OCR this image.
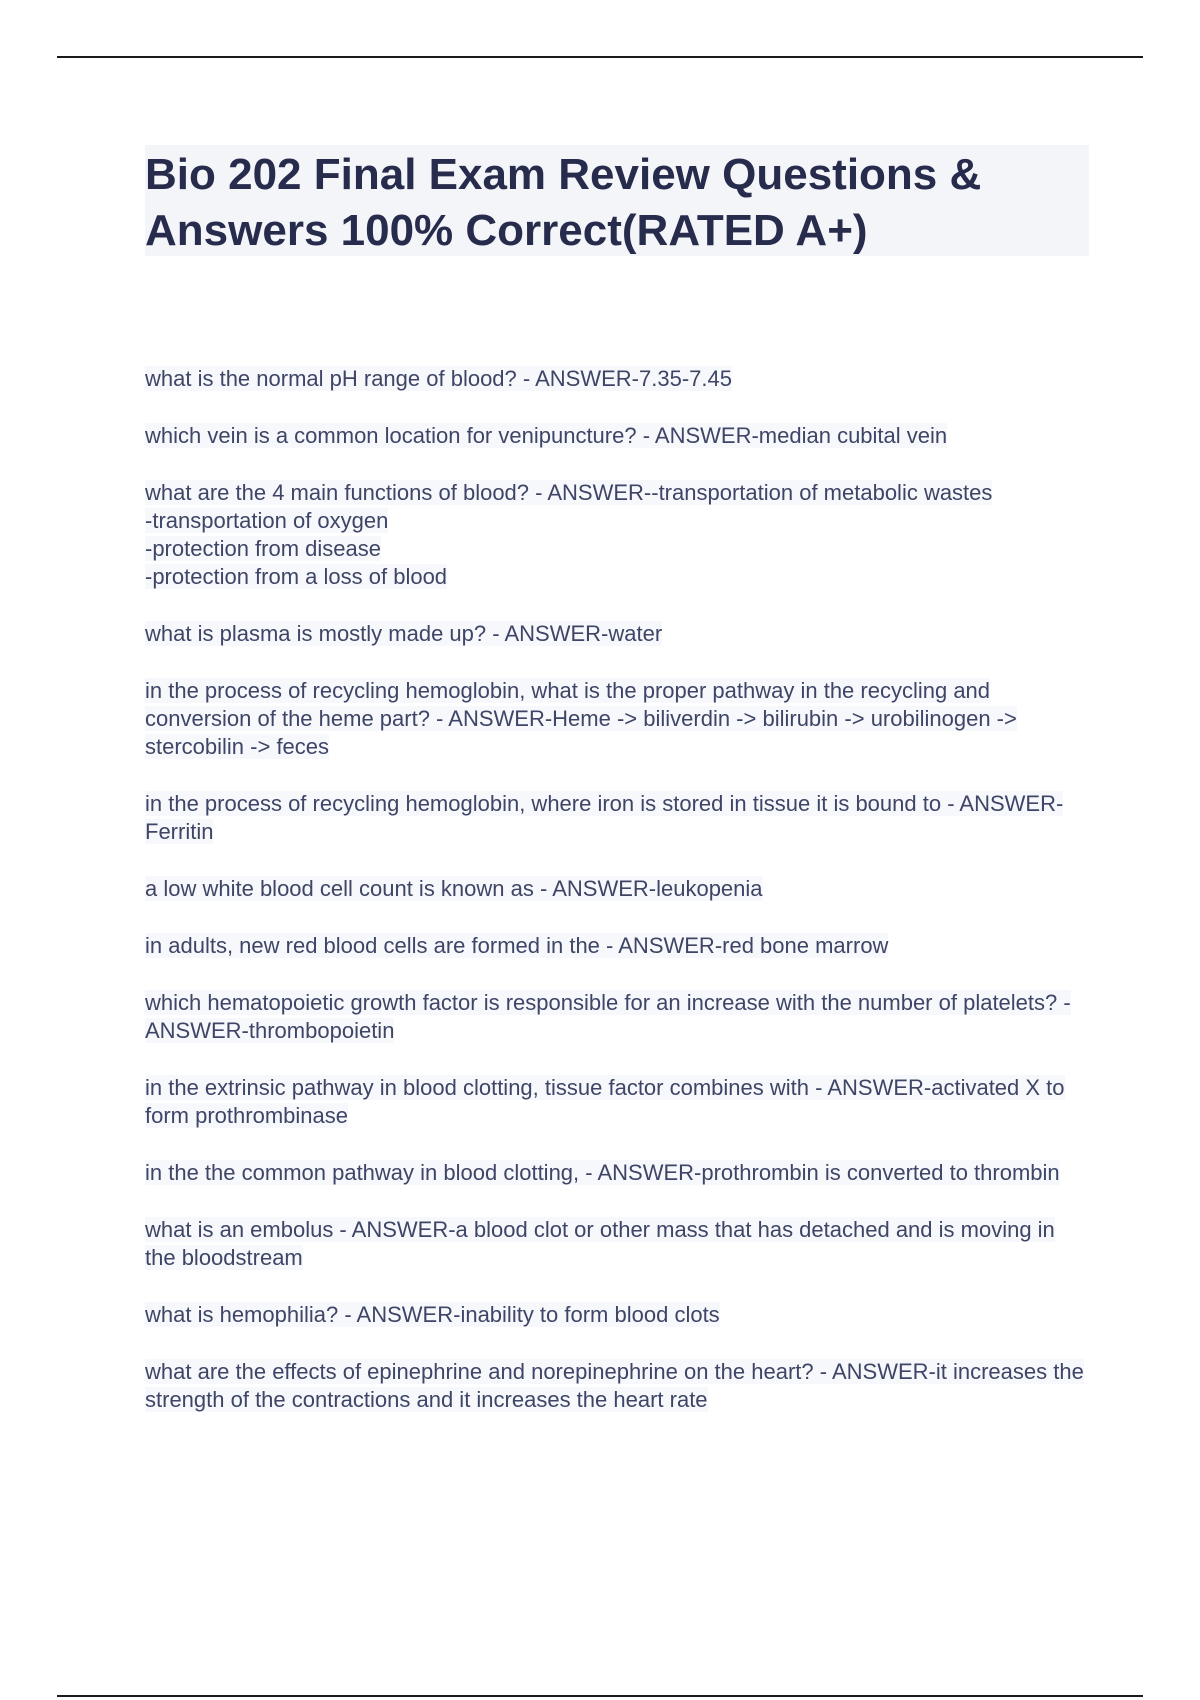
Bio 202 Final Exam Review Questions & Answers 100% Correct(RATED A+)

what is the normal pH range of blood? - ANSWER-7.35-7.45

which vein is a common location for venipuncture? - ANSWER-median cubital vein

what are the 4 main functions of blood? - ANSWER--transportation of metabolic wastes
-transportation of oxygen
-protection from disease
-protection from a loss of blood

what is plasma is mostly made up? - ANSWER-water

in the process of recycling hemoglobin, what is the proper pathway in the recycling and conversion of the heme part? - ANSWER-Heme -> biliverdin -> bilirubin -> urobilinogen -> stercobilin -> feces

in the process of recycling hemoglobin, where iron is stored in tissue it is bound to - ANSWER-Ferritin

a low white blood cell count is known as - ANSWER-leukopenia

in adults, new red blood cells are formed in the - ANSWER-red bone marrow

which hematopoietic growth factor is responsible for an increase with the number of platelets? - ANSWER-thrombopoietin

in the extrinsic pathway in blood clotting, tissue factor combines with - ANSWER-activated X to form prothrombinase

in the the common pathway in blood clotting, - ANSWER-prothrombin is converted to thrombin

what is an embolus - ANSWER-a blood clot or other mass that has detached and is moving in the bloodstream

what is hemophilia? - ANSWER-inability to form blood clots

what are the effects of epinephrine and norepinephrine on the heart? - ANSWER-it increases the strength of the contractions and it increases the heart rate
